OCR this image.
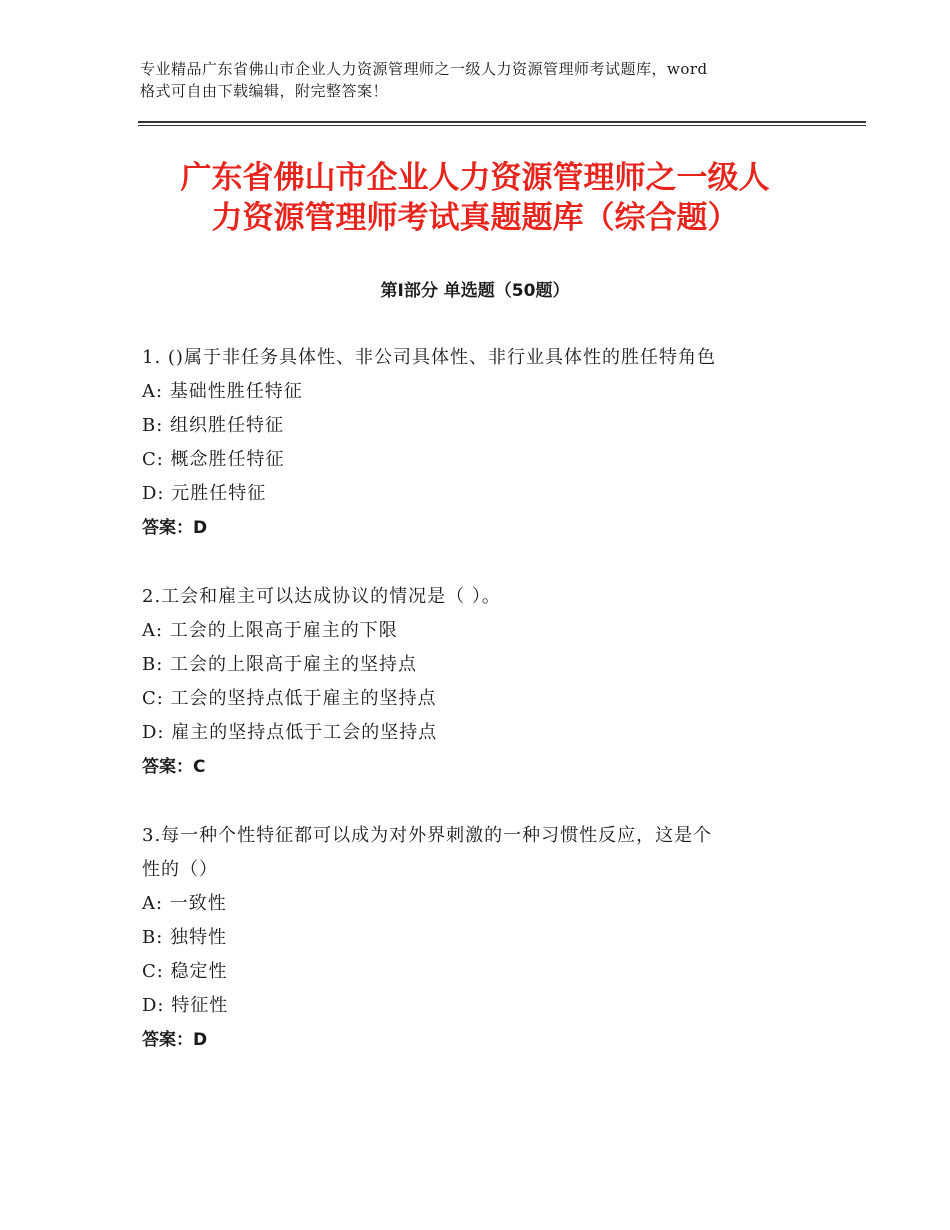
专业精品广东省佛山市企业人力资源管理师之一级人力资源管理师考试题库，word
格式可自由下载编辑，附完整答案！
广东省佛山市企业人力资源管理师之一级人
力资源管理师考试真题题库（综合题）
第Ⅰ部分 单选题（50题）
1. ()属于非任务具体性、非公司具体性、非行业具体性的胜任特角色
A: 基础性胜任特征
B: 组织胜任特征
C: 概念胜任特征
D: 元胜任特征
答案：D
2.工会和雇主可以达成协议的情况是（ ）。
A: 工会的上限高于雇主的下限
B: 工会的上限高于雇主的坚持点
C: 工会的坚持点低于雇主的坚持点
D: 雇主的坚持点低于工会的坚持点
答案：C
3.每一种个性特征都可以成为对外界刺激的一种习惯性反应，这是个
性的（）
A: 一致性
B: 独特性
C: 稳定性
D: 特征性
答案：D
